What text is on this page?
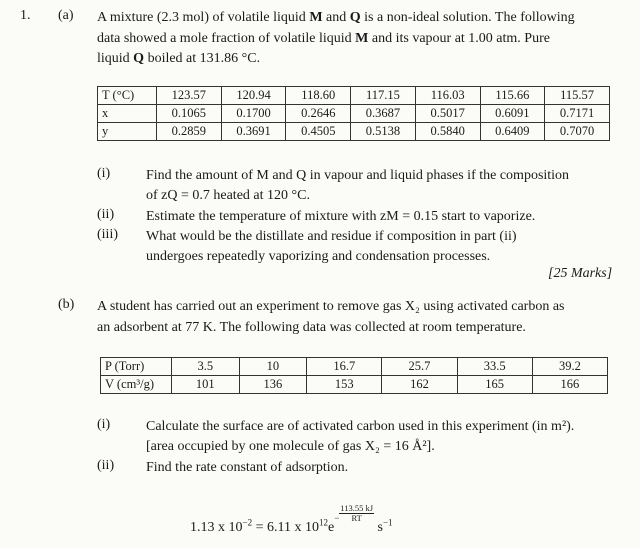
1. (a) A mixture (2.3 mol) of volatile liquid M and Q is a non-ideal solution. The following
data showed a mole fraction of volatile liquid M and its vapour at 1.00 atm. Pure
liquid Q boiled at 131.86 °C.
T (°C)	123.57	120.94	118.60	117.15	116.03	115.66	115.57
x	0.1065	0.1700	0.2646	0.3687	0.5017	0.6091	0.7171
y	0.2859	0.3691	0.4505	0.5138	0.5840	0.6409	0.7070
(i)	Find the amount of M and Q in vapour and liquid phases if the composition
of zQ = 0.7 heated at 120 °C.
(ii) Estimate the temperature of mixture with zM = 0.15 start to vaporize.
(iii) What would be the distillate and residue if composition in part (ii)
undergoes repeatedly vaporizing and condensation processes.
[25 Marks]
(b) A student has carried out an experiment to remove gas X₂ using activated carbon as
an adsorbent at 77 K. The following data was collected at room temperature.
P (Torr)	3.5	10	16.7	25.7	33.5	39.2
V (cm³/g)	101	136	153	162	165	166
(i)	Calculate the surface are of activated carbon used in this experiment (in m²).
[area occupied by one molecule of gas X₂ = 16 Å²].
(ii) Find the rate constant of adsorption.
1.13 x $10^{-2} = 6.11$ x $10^{12}e^- \frac{113.55 kJ}{RT}$
$s^{-1}$
